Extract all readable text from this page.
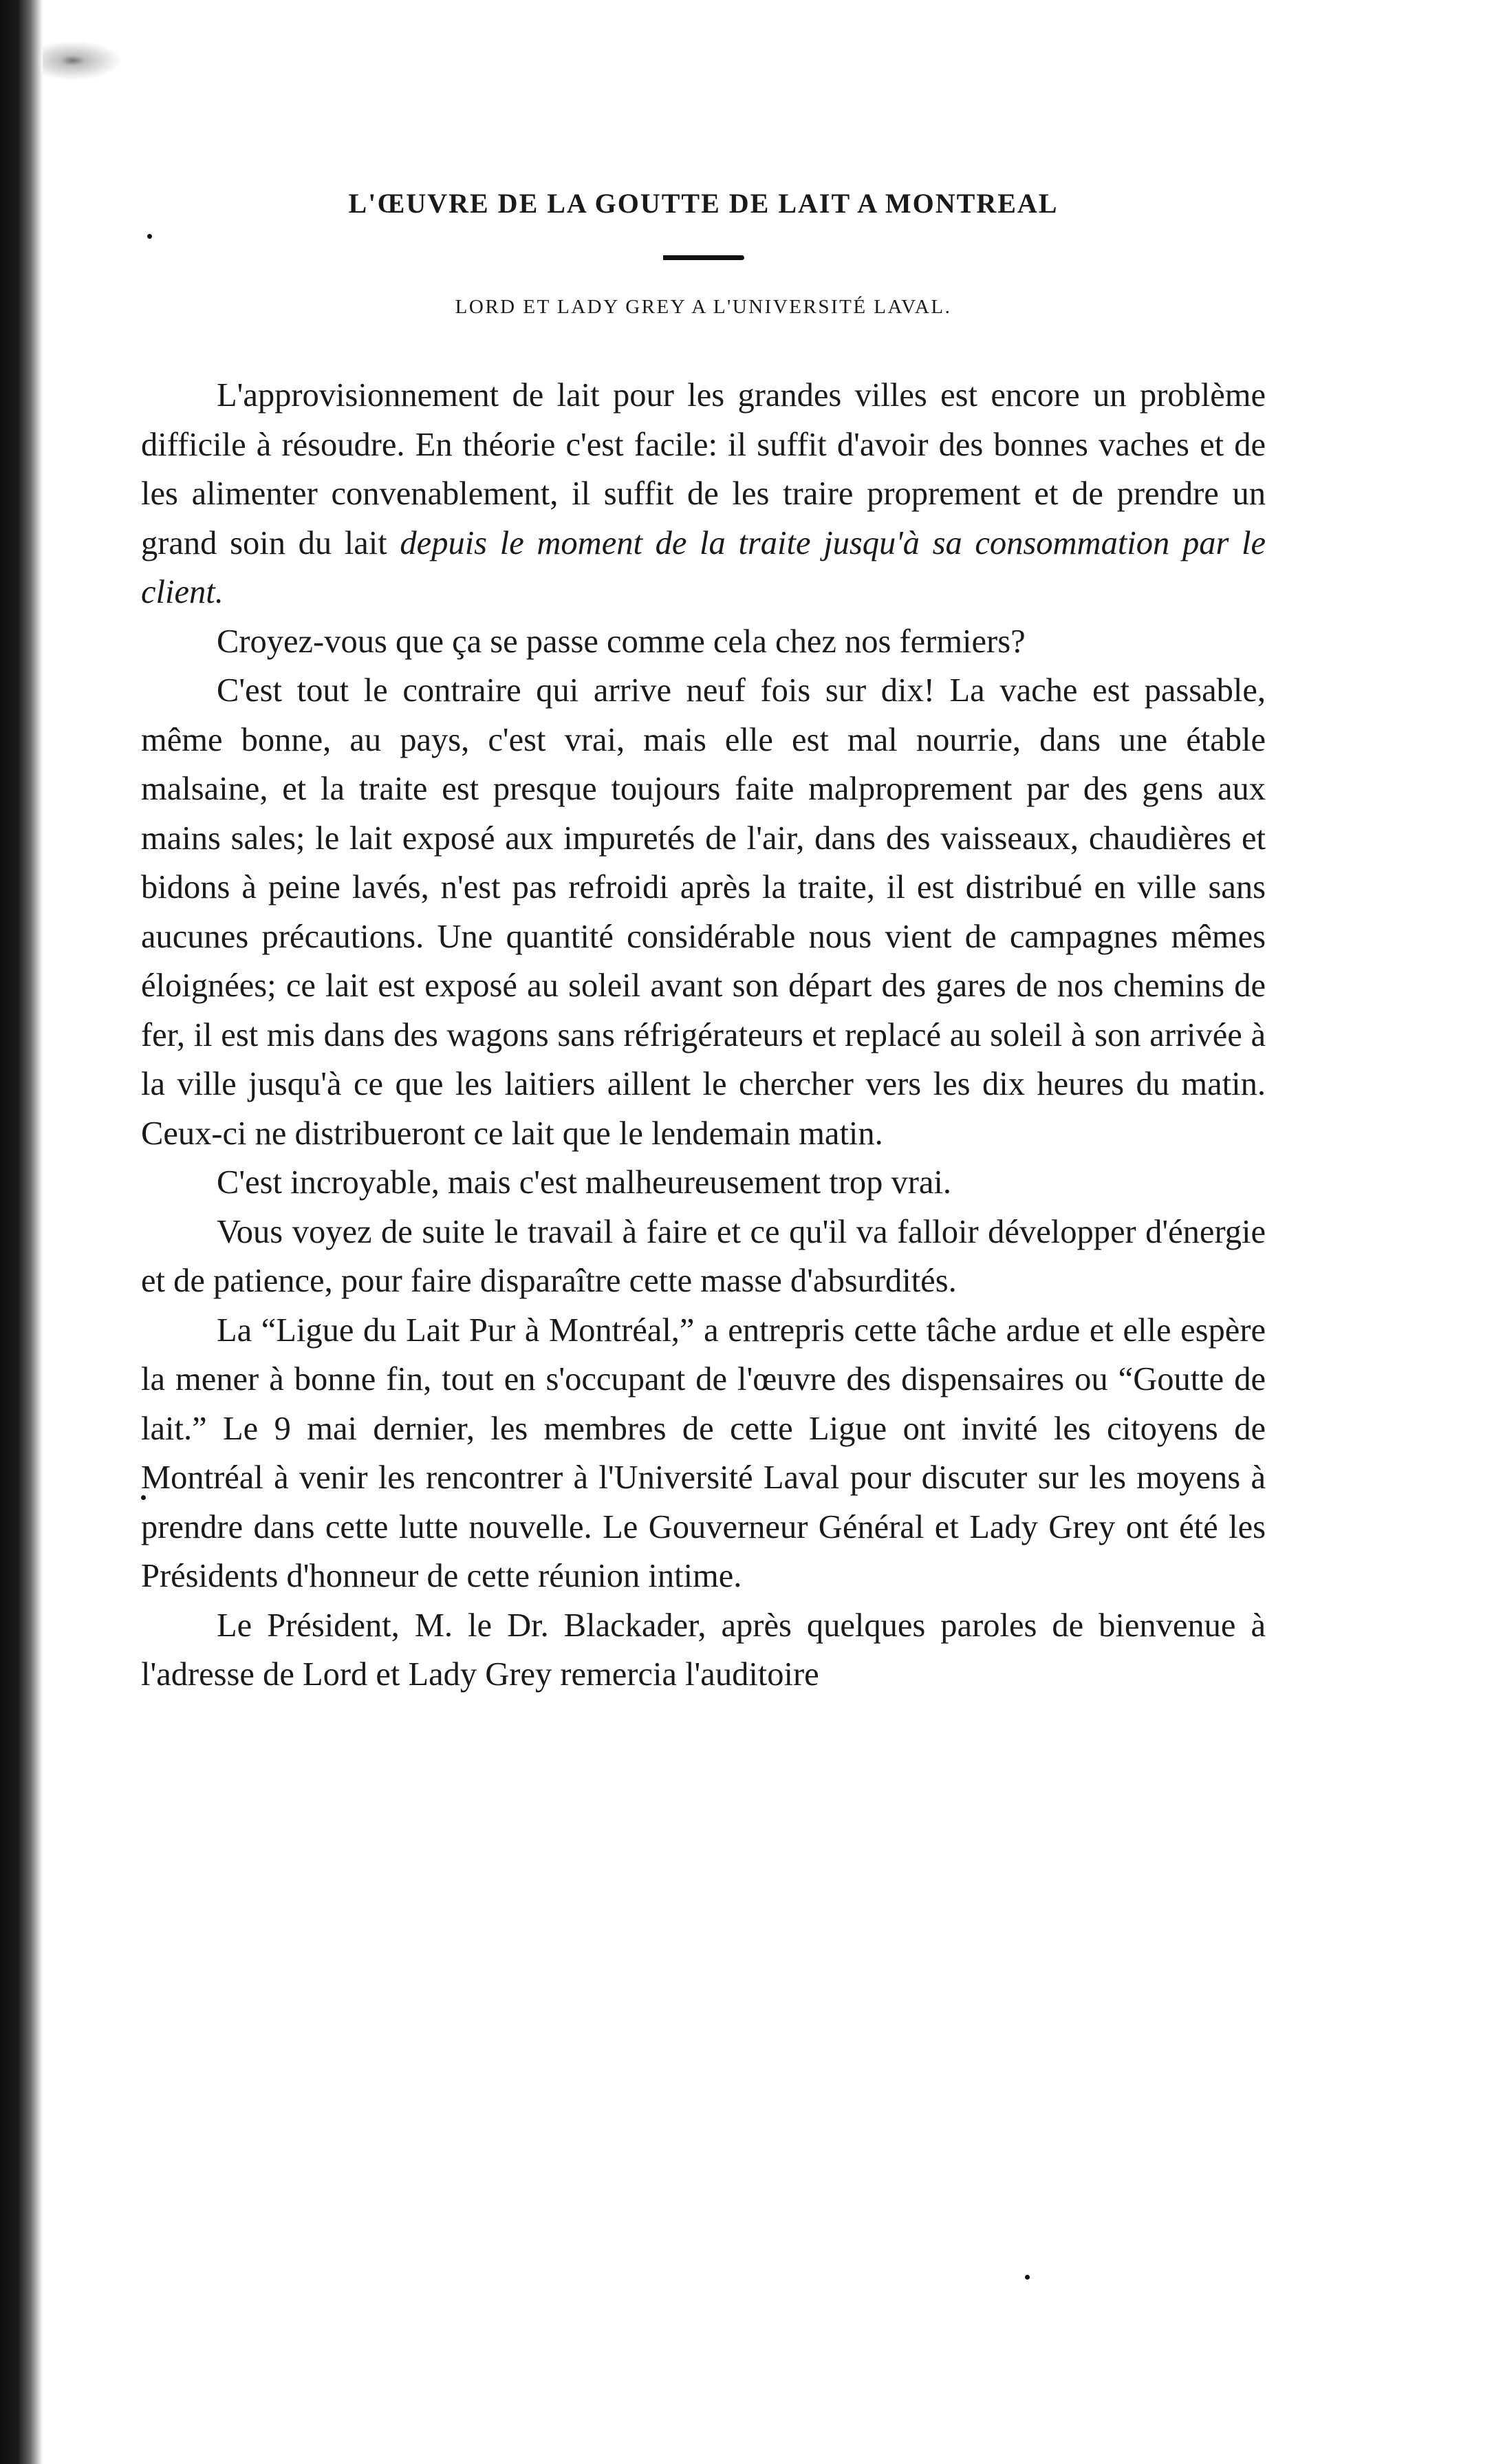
L'ŒUVRE DE LA GOUTTE DE LAIT A MONTREAL
LORD ET LADY GREY A L'UNIVERSITÉ LAVAL.

L'approvisionnement de lait pour les grandes villes est encore un problème difficile à résoudre. En théorie c'est facile: il suffit d'avoir des bonnes vaches et de les alimenter convenablement, il suffit de les traire proprement et de prendre un grand soin du lait depuis le moment de la traite jusqu'à sa consommation par le client.

Croyez-vous que ça se passe comme cela chez nos fermiers?

C'est tout le contraire qui arrive neuf fois sur dix! La vache est passable, même bonne, au pays, c'est vrai, mais elle est mal nourrie, dans une étable malsaine, et la traite est presque toujours faite malproprement par des gens aux mains sales; le lait exposé aux impuretés de l'air, dans des vaisseaux, chaudières et bidons à peine lavés, n'est pas refroidi après la traite, il est distribué en ville sans aucunes précautions. Une quantité considérable nous vient de campagnes mêmes éloignées; ce lait est exposé au soleil avant son départ des gares de nos chemins de fer, il est mis dans des wagons sans réfrigérateurs et replacé au soleil à son arrivée à la ville jusqu'à ce que les laitiers aillent le chercher vers les dix heures du matin. Ceux-ci ne distribueront ce lait que le lendemain matin.

C'est incroyable, mais c'est malheureusement trop vrai.

Vous voyez de suite le travail à faire et ce qu'il va falloir développer d'énergie et de patience, pour faire disparaître cette masse d'absurdités.

La “Ligue du Lait Pur à Montréal,” a entrepris cette tâche ardue et elle espère la mener à bonne fin, tout en s'occupant de l'œuvre des dispensaires ou “Goutte de lait.” Le 9 mai dernier, les membres de cette Ligue ont invité les citoyens de Montréal à venir les rencontrer à l'Université Laval pour discuter sur les moyens à prendre dans cette lutte nouvelle. Le Gouverneur Général et Lady Grey ont été les Présidents d'honneur de cette réunion intime.

Le Président, M. le Dr. Blackader, après quelques paroles de bienvenue à l'adresse de Lord et Lady Grey remercia l'auditoire
